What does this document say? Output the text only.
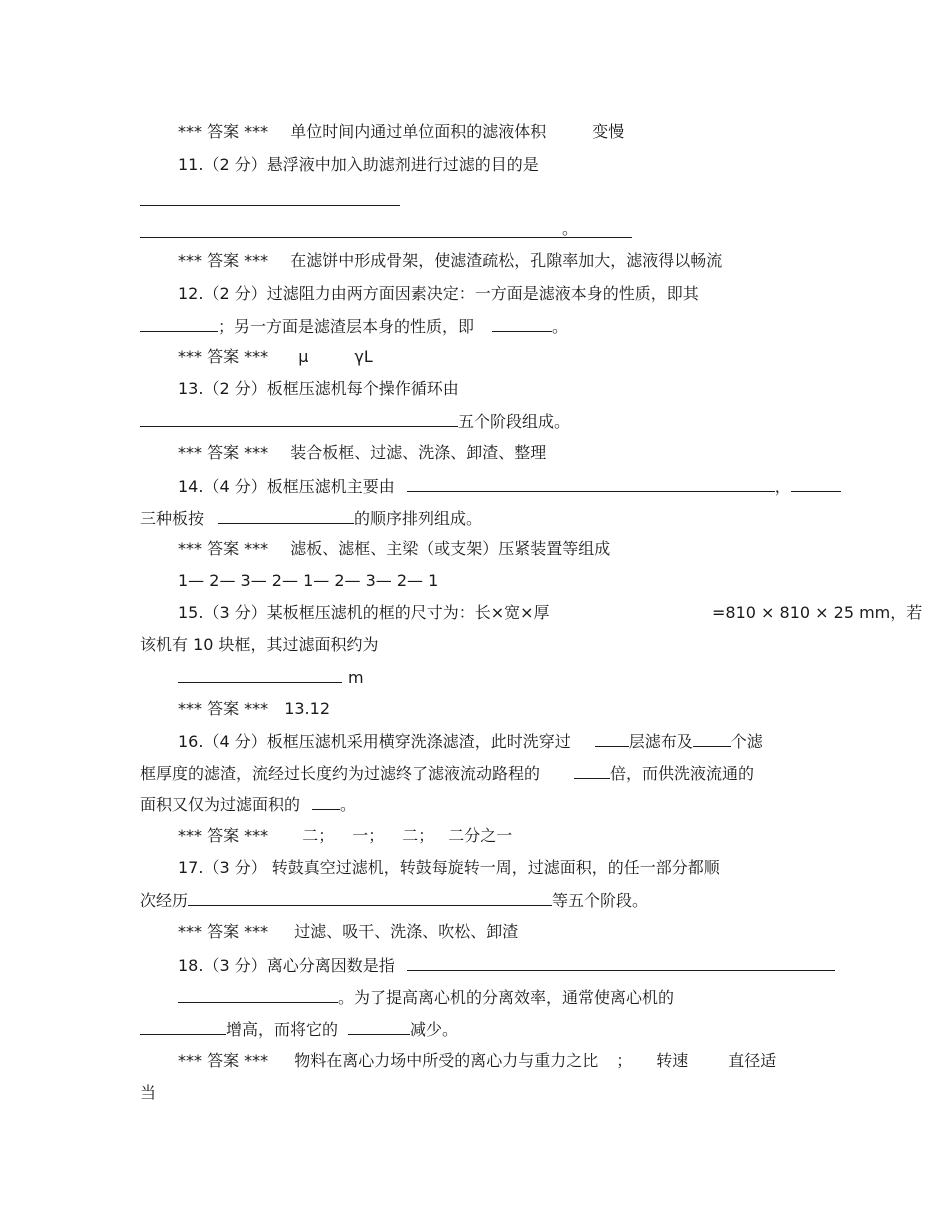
*** 答案 *** 单位时间内通过单位面积的滤液体积	变慢
11.（2 分）悬浮液中加入助滤剂进行过滤的目的是
。
*** 答案 *** 在滤饼中形成骨架，使滤渣疏松，孔隙率加大，滤液得以畅流
12.（2 分）过滤阻力由两方面因素决定：一方面是滤液本身的性质，即其
；另一方面是滤渣层本身的性质，即	。
*** 答案 *** μ	γL
13.（2 分）板框压滤机每个操作循环由
五个阶段组成。
*** 答案 *** 装合板框、过滤、洗涤、卸渣、整理
14.（4 分）板框压滤机主要由	，
三种板按	的顺序排列组成。
*** 答案 *** 滤板、滤框、主梁（或支架）压紧装置等组成
1— 2— 3— 2— 1— 2— 3— 2— 1
15.（3 分）某板框压滤机的框的尺寸为：长×宽×厚	=810 × 810 × 25 mm，若
该机有 10 块框，其过滤面积约为
m
*** 答案 *** 13.12
16.（4 分）板框压滤机采用横穿洗涤滤渣，此时洗穿过	层滤布及 个滤
框厚度的滤渣，流经过长度约为过滤终了滤液流动路程的	倍，而供洗液流通的
面积又仅为过滤面积的	。
*** 答案 *** 二； 一； 二； 二分之一
17.（3 分） 转鼓真空过滤机，转鼓每旋转一周，过滤面积，的任一部分都顺
次经历	等五个阶段。
*** 答案 *** 过滤、吸干、洗涤、吹松、卸渣
18.（3 分）离心分离因数是指
。为了提高离心机的分离效率，通常使离心机的
增高，而将它的	减少。
*** 答案 *** 物料在离心力场中所受的离心力与重力之比 ； 转速	直径适
当
